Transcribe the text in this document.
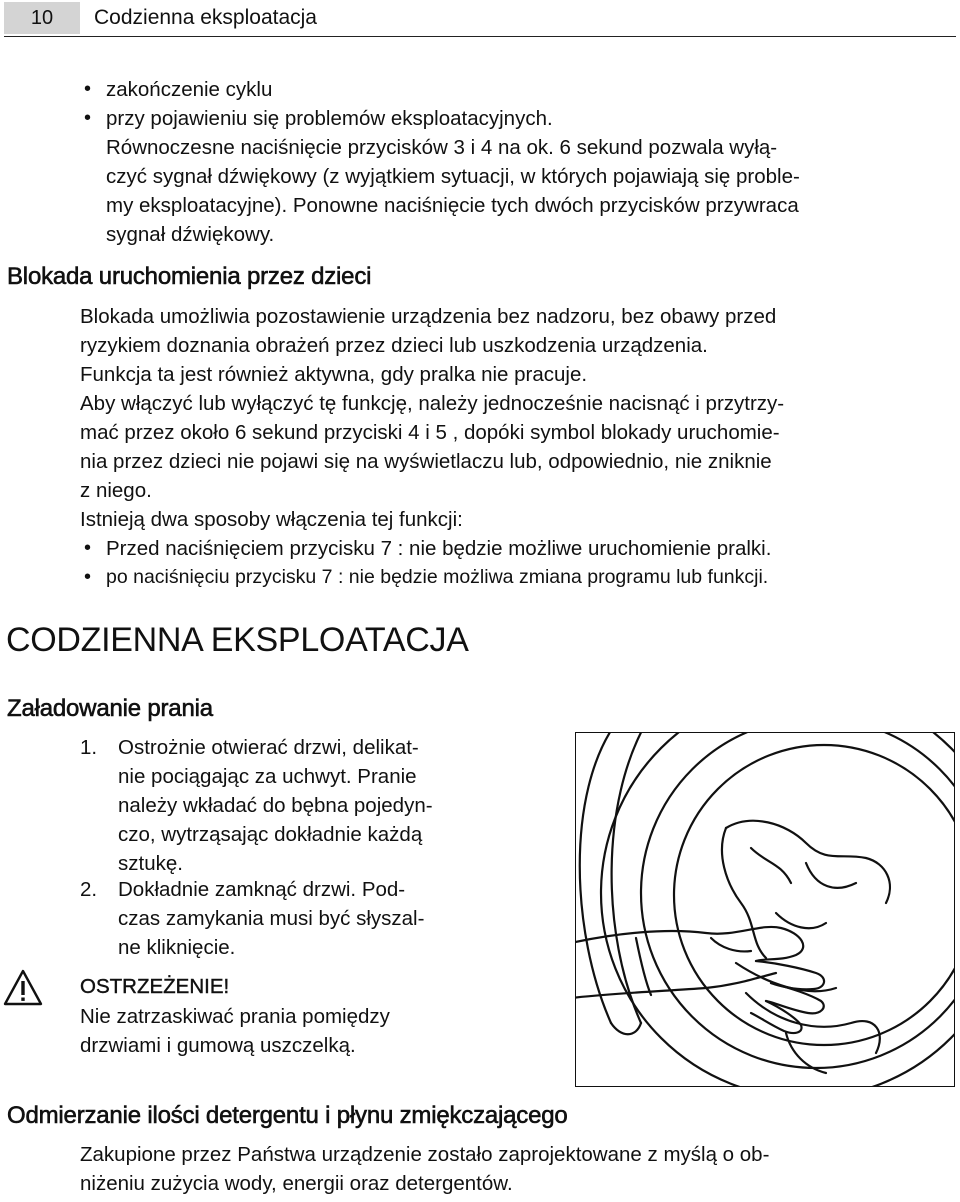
10	Codzienna eksploatacja
• zakończenie cyklu
• przy pojawieniu się problemów eksploatacyjnych.
Równoczesne naciśnięcie przycisków 3 i 4 na ok. 6 sekund pozwala wyłą-
czyć sygnał dźwiękowy (z wyjątkiem sytuacji, w których pojawiają się proble-
my eksploatacyjne). Ponowne naciśnięcie tych dwóch przycisków przywraca
sygnał dźwiękowy.
Blokada uruchomienia przez dzieci
Blokada umożliwia pozostawienie urządzenia bez nadzoru, bez obawy przed
ryzykiem doznania obrażeń przez dzieci lub uszkodzenia urządzenia.
Funkcja ta jest również aktywna, gdy pralka nie pracuje.
Aby włączyć lub wyłączyć tę funkcję, należy jednocześnie nacisnąć i przytrzy-
mać przez około 6 sekund przyciski 4 i 5 , dopóki symbol blokady uruchomie-
nia przez dzieci nie pojawi się na wyświetlaczu lub, odpowiednio, nie zniknie
z niego.
Istnieją dwa sposoby włączenia tej funkcji:
• Przed naciśnięciem przycisku 7 : nie będzie możliwe uruchomienie pralki.
• po naciśnięciu przycisku 7 : nie będzie możliwa zmiana programu lub funkcji.
CODZIENNA EKSPLOATACJA
Załadowanie prania
1. Ostrożnie otwierać drzwi, delikat-
nie pociągając za uchwyt. Pranie
należy wkładać do bębna pojedyn-
czo, wytrząsając dokładnie każdą
sztukę.
2. Dokładnie zamknąć drzwi. Pod-
czas zamykania musi być słyszal-
ne kliknięcie.
OSTRZEŻENIE!
Nie zatrzaskiwać prania pomiędzy
drzwiami i gumową uszczelką.
Odmierzanie ilości detergentu i płynu zmiękczającego
Zakupione przez Państwa urządzenie zostało zaprojektowane z myślą o ob-
niżeniu zużycia wody, energii oraz detergentów.
